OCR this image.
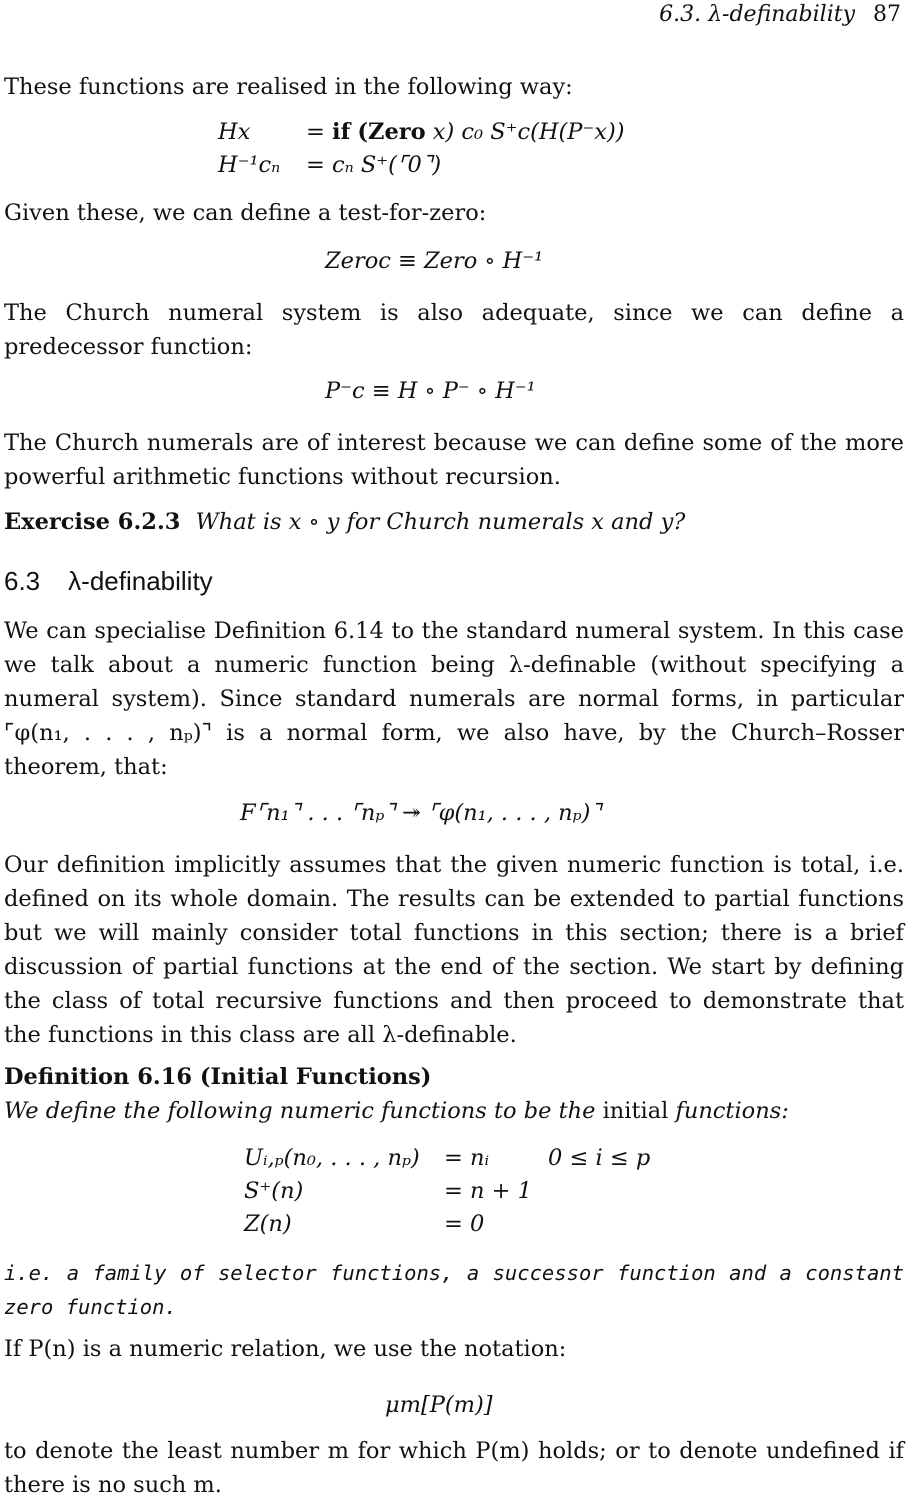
6.3. λ-definability 87
These functions are realised in the following way:
Hx = if (Zero x) c₀ S⁺c(H(P⁻x))
H⁻¹cₙ = cₙ S⁺(⌜0⌝)
Given these, we can define a test-for-zero:
Zeroc ≡ Zero ∘ H⁻¹
The Church numeral system is also adequate, since we can define a predecessor function:
P⁻c ≡ H ∘ P⁻ ∘ H⁻¹
The Church numerals are of interest because we can define some of the more powerful arithmetic functions without recursion.
Exercise 6.2.3 What is x ∘ y for Church numerals x and y?
6.3 λ-definability
We can specialise Definition 6.14 to the standard numeral system. In this case we talk about a numeric function being λ-definable (without specifying a numeral system). Since standard numerals are normal forms, in particular ⌜φ(n₁, . . . , nₚ)⌝ is a normal form, we also have, by the Church–Rosser theorem, that:
F⌜n₁⌝ . . . ⌜nₚ⌝ ↠ ⌜φ(n₁, . . . , nₚ)⌝
Our definition implicitly assumes that the given numeric function is total, i.e. defined on its whole domain. The results can be extended to partial functions but we will mainly consider total functions in this section; there is a brief discussion of partial functions at the end of the section. We start by defining the class of total recursive functions and then proceed to demonstrate that the functions in this class are all λ-definable.
Definition 6.16 (Initial Functions)
We define the following numeric functions to be the initial functions:
Uᵢ,ₚ(n₀, . . . , nₚ) = nᵢ	0 ≤ i ≤ p
S⁺(n)	= n + 1
Z(n)	= 0
i.e. a family of selector functions, a successor function and a constant zero function.
If P(n) is a numeric relation, we use the notation:
μm[P(m)]
to denote the least number m for which P(m) holds; or to denote undefined if there is no such m.
